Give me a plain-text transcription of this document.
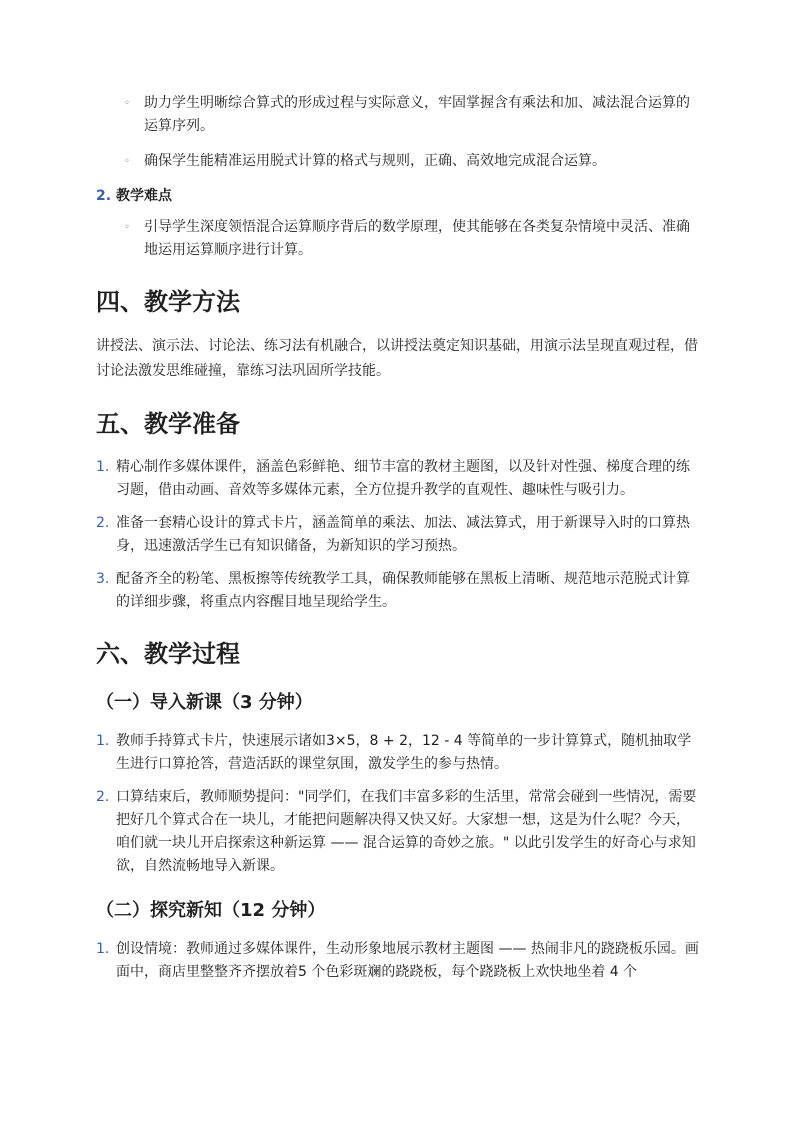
◦ 助力学生明晰综合算式的形成过程与实际意义，牢固掌握含有乘法和加、减法混合运算的运算序列。
◦ 确保学生能精准运用脱式计算的格式与规则，正确、高效地完成混合运算。
2. 教学难点
◦ 引导学生深度领悟混合运算顺序背后的数学原理，使其能够在各类复杂情境中灵活、准确地运用运算顺序进行计算。
四、教学方法

讲授法、演示法、讨论法、练习法有机融合，以讲授法奠定知识基础，用演示法呈现直观过程，借讨论法激发思维碰撞，靠练习法巩固所学技能。

五、教学准备
1. 精心制作多媒体课件，涵盖色彩鲜艳、细节丰富的教材主题图，以及针对性强、梯度合理的练习题，借由动画、音效等多媒体元素，全方位提升教学的直观性、趣味性与吸引力。
2. 准备一套精心设计的算式卡片，涵盖简单的乘法、加法、减法算式，用于新课导入时的口算热身，迅速激活学生已有知识储备，为新知识的学习预热。
3. 配备齐全的粉笔、黑板擦等传统教学工具，确保教师能够在黑板上清晰、规范地示范脱式计算的详细步骤，将重点内容醒目地呈现给学生。
六、教学过程
（一）导入新课（3 分钟）
1. 教师手持算式卡片，快速展示诸如3×5，8 + 2，12 - 4 等简单的一步计算算式，随机抽取学生进行口算抢答，营造活跃的课堂氛围，激发学生的参与热情。
2. 口算结束后，教师顺势提问："同学们，在我们丰富多彩的生活里，常常会碰到一些情况，需要把好几个算式合在一块儿，才能把问题解决得又快又好。大家想一想，这是为什么呢？今天，咱们就一块儿开启探索这种新运算 —— 混合运算的奇妙之旅。" 以此引发学生的好奇心与求知欲，自然流畅地导入新课。
（二）探究新知（12 分钟）
1. 创设情境：教师通过多媒体课件，生动形象地展示教材主题图 —— 热闹非凡的跷跷板乐园。画面中，商店里整整齐齐摆放着5 个色彩斑斓的跷跷板，每个跷跷板上欢快地坐着 4 个
